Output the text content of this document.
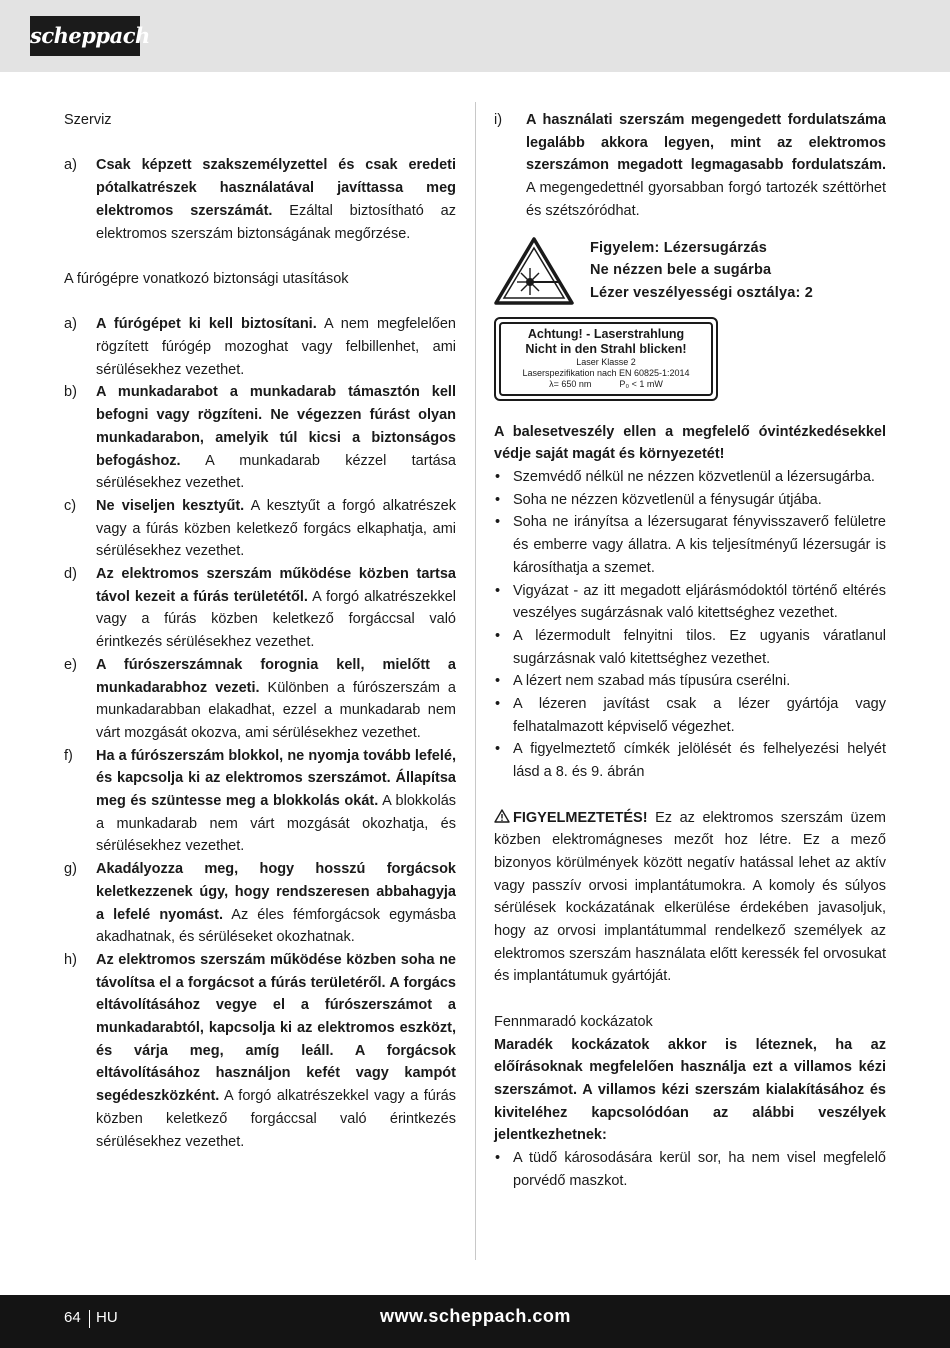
scheppach
Szerviz
a)	Csak képzett szakszemélyzettel és csak eredeti pótalkatrészek használatával javíttassa meg elektromos szerszámát. Ezáltal biztosítható az elektromos szerszám biztonságának megőrzése.
A fúrógépre vonatkozó biztonsági utasítások
a)	A fúrógépet ki kell biztosítani. A nem megfelelően rögzített fúrógép mozoghat vagy felbillenhet, ami sérülésekhez vezethet.
b)	A munkadarabot a munkadarab támasztón kell befogni vagy rögzíteni. Ne végezzen fúrást olyan munkadarabon, amelyik túl kicsi a biztonságos befogáshoz. A munkadarab kézzel tartása sérülésekhez vezethet.
c)	Ne viseljen kesztyűt. A kesztyűt a forgó alkatrészek vagy a fúrás közben keletkező forgács elkaphatja, ami sérülésekhez vezethet.
d)	Az elektromos szerszám működése közben tartsa távol kezeit a fúrás területétől. A forgó alkatrészekkel vagy a fúrás közben keletkező forgáccsal való érintkezés sérülésekhez vezethet.
e)	A fúrószerszámnak forognia kell, mielőtt a munkadarabhoz vezeti. Különben a fúrószerszám a munkadarabban elakadhat, ezzel a munkadarab nem várt mozgását okozva, ami sérülésekhez vezethet.
f)	Ha a fúrószerszám blokkol, ne nyomja tovább lefelé, és kapcsolja ki az elektromos szerszámot. Állapítsa meg és szüntesse meg a blokkolás okát. A blokkolás a munkadarab nem várt mozgását okozhatja, és sérülésekhez vezethet.
g)	Akadályozza meg, hogy hosszú forgácsok keletkezzenek úgy, hogy rendszeresen abbahagyja a lefelé nyomást. Az éles fémforgácsok egymásba akadhatnak, és sérüléseket okozhatnak.
h)	Az elektromos szerszám működése közben soha ne távolítsa el a forgácsot a fúrás területéről. A forgács eltávolításához vegye el a fúrószerszámot a munkadarabtól, kapcsolja ki az elektromos eszközt, és várja meg, amíg leáll. A forgácsok eltávolításához használjon kefét vagy kampót segédeszközként. A forgó alkatrészekkel vagy a fúrás közben keletkező forgáccsal való érintkezés sérülésekhez vezethet.
i)	A használati szerszám megengedett fordulatszáma legalább akkora legyen, mint az elektromos szerszámon megadott legmagasabb fordulatszám. A megengedettnél gyorsabban forgó tartozék széttörhet és szétszóródhat.
Figyelem: Lézersugárzás
Ne nézzen bele a sugárba
Lézer veszélyességi osztálya: 2
Achtung! - Laserstrahlung
Nicht in den Strahl blicken!
Laser Klasse 2
Laserspezifikation nach EN 60825-1:2014
λ= 650 nm	P₀ < 1 mW
A balesetveszély ellen a megfelelő óvintézkedésekkel védje saját magát és környezetét!
• Szemvédő nélkül ne nézzen közvetlenül a lézersugárba.
• Soha ne nézzen közvetlenül a fénysugár útjába.
• Soha ne irányítsa a lézersugarat fényvisszaverő felületre és emberre vagy állatra. A kis teljesítményű lézersugár is károsíthatja a szemet.
• Vigyázat - az itt megadott eljárásmódoktól történő eltérés veszélyes sugárzásnak való kitettséghez vezethet.
• A lézermodult felnyitni tilos. Ez ugyanis váratlanul sugárzásnak való kitettséghez vezethet.
• A lézert nem szabad más típusúra cserélni.
• A lézeren javítást csak a lézer gyártója vagy felhatalmazott képviselő végezhet.
• A figyelmeztető címkék jelölését és felhelyezési helyét lásd a 8. és 9. ábrán
FIGYELMEZTETÉS! Ez az elektromos szerszám üzem közben elektromágneses mezőt hoz létre. Ez a mező bizonyos körülmények között negatív hatással lehet az aktív vagy passzív orvosi implantátumokra. A komoly és súlyos sérülések kockázatának elkerülése érdekében javasoljuk, hogy az orvosi implantátummal rendelkező személyek az elektromos szerszám használata előtt keressék fel orvosukat és implantátumuk gyártóját.
Fennmaradó kockázatok
Maradék kockázatok akkor is léteznek, ha az előírásoknak megfelelően használja ezt a villamos kézi szerszámot. A villamos kézi szerszám kialakításához és kiviteléhez kapcsolódóan az alábbi veszélyek jelentkezhetnek:
• A tüdő károsodására kerül sor, ha nem visel megfelelő porvédő maszkot.
64 HU	www.scheppach.com
